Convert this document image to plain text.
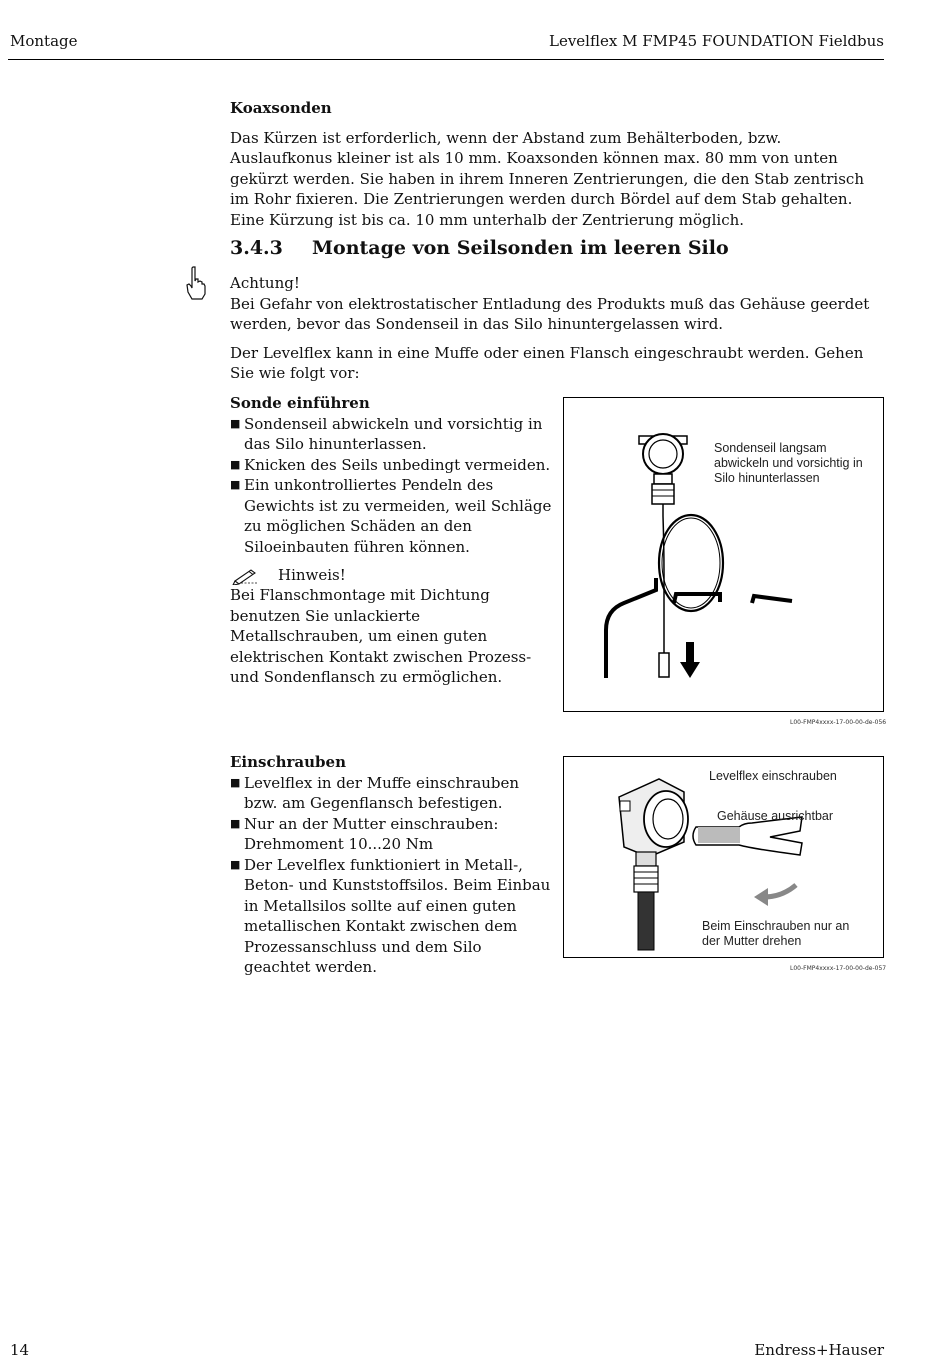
Montage	Levelflex M FMP45 FOUNDATION Fieldbus
Koaxsonden

Das Kürzen ist erforderlich, wenn der Abstand zum Behälterboden, bzw. Auslaufkonus kleiner ist als 10 mm. Koaxsonden können max. 80 mm von unten gekürzt werden. Sie haben in ihrem Inneren Zentrierungen, die den Stab zentrisch im Rohr fixieren. Die Zentrierungen werden durch Bördel auf dem Stab gehalten. Eine Kürzung ist bis ca. 10 mm unterhalb der Zentrierung möglich.

3.4.3 Montage von Seilsonden im leeren Silo
Achtung!

Bei Gefahr von elektrostatischer Entladung des Produkts muß das Gehäuse geerdet werden, bevor das Sondenseil in das Silo hinuntergelassen wird.

Der Levelflex kann in eine Muffe oder einen Flansch eingeschraubt werden. Gehen Sie wie folgt vor:

Sonde einführen
■ Sondenseil abwickeln und vorsichtig in das Silo hinunterlassen.
■ Knicken des Seils unbedingt vermeiden.
■ Ein unkontrolliertes Pendeln des Gewichts ist zu vermeiden, weil Schläge zu möglichen Schäden an den Siloeinbauten führen können.
Hinweis!

Bei Flanschmontage mit Dichtung benutzen Sie unlackierte Metallschrauben, um einen guten elektrischen Kontakt zwischen Prozess- und Sondenflansch zu ermöglichen.

Sondenseil langsam abwickeln und vorsichtig in Silo hinunterlassen
L00-FMP4xxxx-17-00-00-de-056
Einschrauben
■ Levelflex in der Muffe einschrauben bzw. am Gegenflansch befestigen.
■ Nur an der Mutter einschrauben: Drehmoment 10...20 Nm
■ Der Levelflex funktioniert in Metall-, Beton- und Kunststoffsilos. Beim Einbau in Metallsilos sollte auf einen guten metallischen Kontakt zwischen dem Prozessanschluss und dem Silo geachtet werden.
Levelflex einschrauben
Gehäuse ausrichtbar
Beim Einschrauben nur an der Mutter drehen
L00-FMP4xxxx-17-00-00-de-057
14	Endress+Hauser
